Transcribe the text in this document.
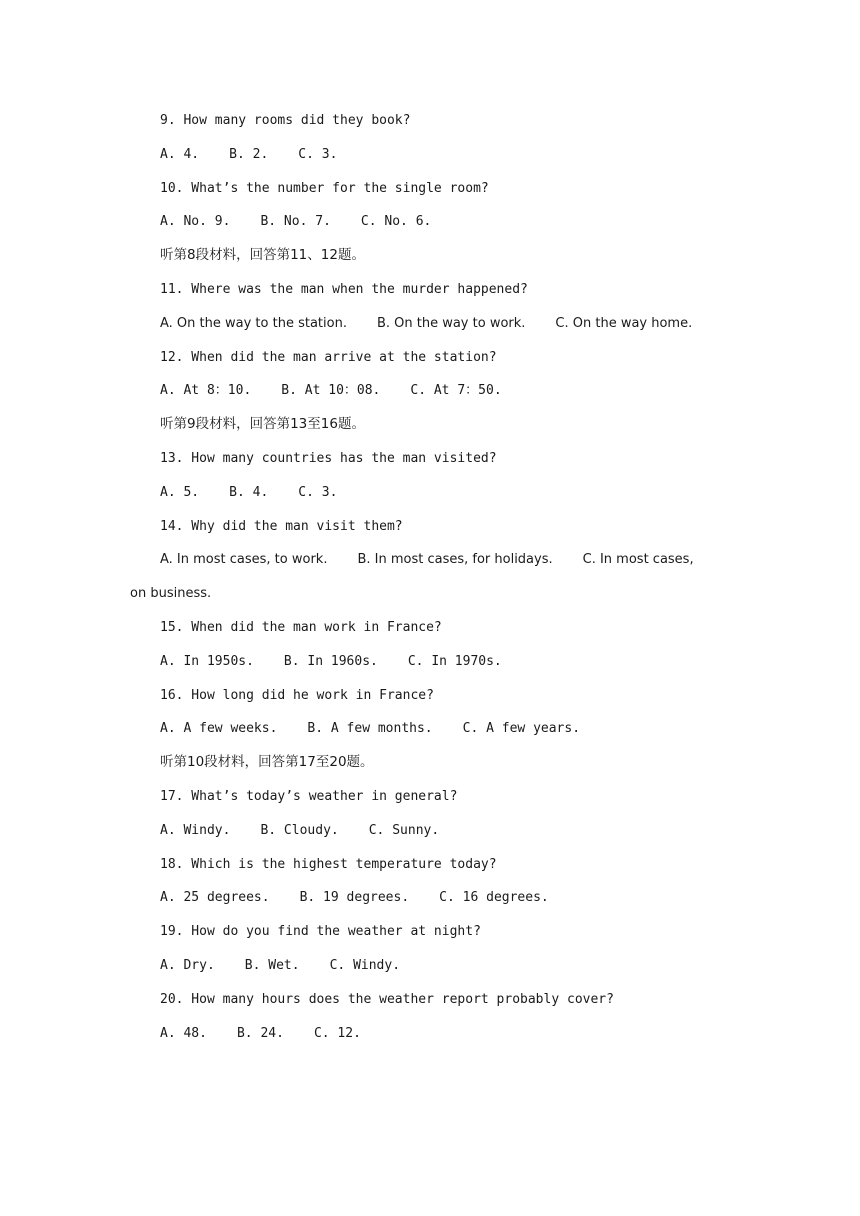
9. How many rooms did they book?
A. 4. B. 2. C. 3.
10. What’s the number for the single room?
A. No. 9. B. No. 7. C. No. 6.
听第8段材料，回答第11、12题。
11. Where was the man when the murder happened?
A. On the way to the station. B. On the way to work. C. On the way home.
12. When did the man arrive at the station?
A. At 8：10. B. At 10：08. C. At 7：50.
听第9段材料，回答第13至16题。
13. How many countries has the man visited?
A. 5. B. 4. C. 3.
14. Why did the man visit them?
A. In most cases, to work. B. In most cases, for holidays. C. In most cases,
on business.
15. When did the man work in France?
A. In 1950s. B. In 1960s. C. In 1970s.
16. How long did he work in France?
A. A few weeks. B. A few months. C. A few years.
听第10段材料，回答第17至20题。
17. What’s today’s weather in general?
A. Windy. B. Cloudy. C. Sunny.
18. Which is the highest temperature today?
A. 25 degrees. B. 19 degrees. C. 16 degrees.
19. How do you find the weather at night?
A. Dry. B. Wet. C. Windy.
20. How many hours does the weather report probably cover?
A. 48. B. 24. C. 12.
